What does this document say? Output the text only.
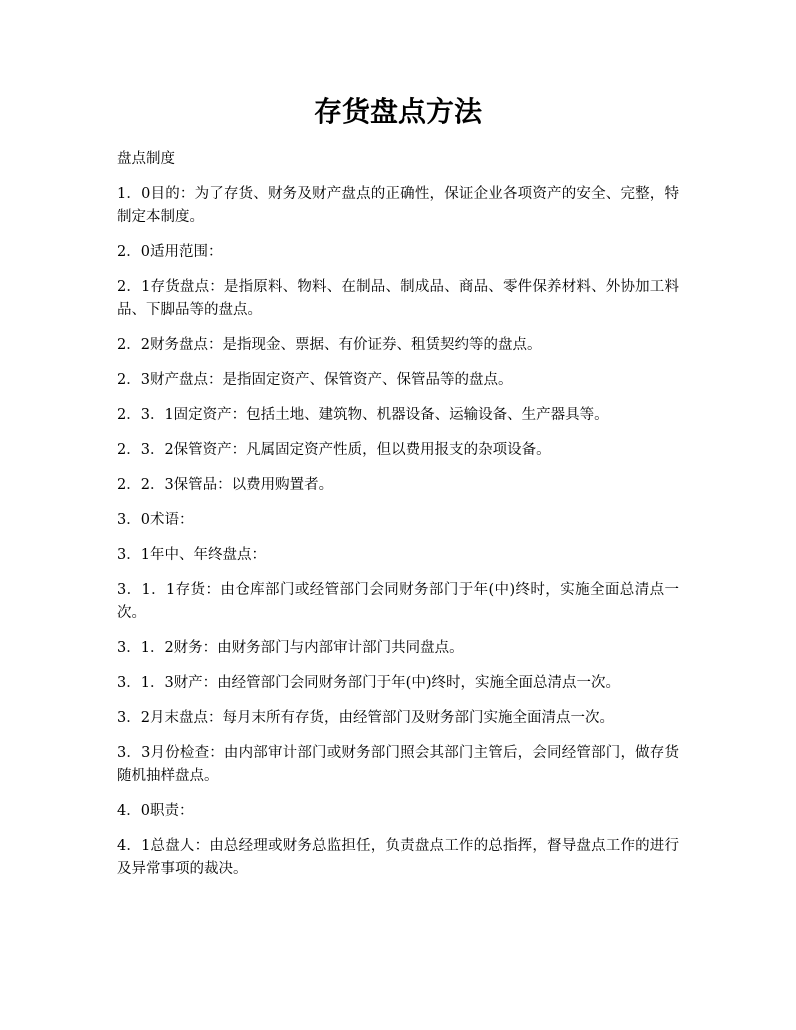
存货盘点方法

盘点制度

1．0目的：为了存货、财务及财产盘点的正确性，保证企业各项资产的安全、完整，特制定本制度。

2．0适用范围：

2．1存货盘点：是指原料、物料、在制品、制成品、商品、零件保养材料、外协加工料品、下脚品等的盘点。

2．2财务盘点：是指现金、票据、有价证券、租赁契约等的盘点。

2．3财产盘点：是指固定资产、保管资产、保管品等的盘点。

2．3．1固定资产：包括土地、建筑物、机器设备、运输设备、生产器具等。

2．3．2保管资产：凡属固定资产性质，但以费用报支的杂项设备。

2．2．3保管品：以费用购置者。

3．0术语：

3．1年中、年终盘点：

3．1．1存货：由仓库部门或经管部门会同财务部门于年(中)终时，实施全面总清点一次。

3．1．2财务：由财务部门与内部审计部门共同盘点。

3．1．3财产：由经管部门会同财务部门于年(中)终时，实施全面总清点一次。

3．2月末盘点：每月末所有存货，由经管部门及财务部门实施全面清点一次。

3．3月份检查：由内部审计部门或财务部门照会其部门主管后，会同经管部门，做存货随机抽样盘点。

4．0职责：

4．1总盘人：由总经理或财务总监担任，负责盘点工作的总指挥，督导盘点工作的进行及异常事项的裁决。
